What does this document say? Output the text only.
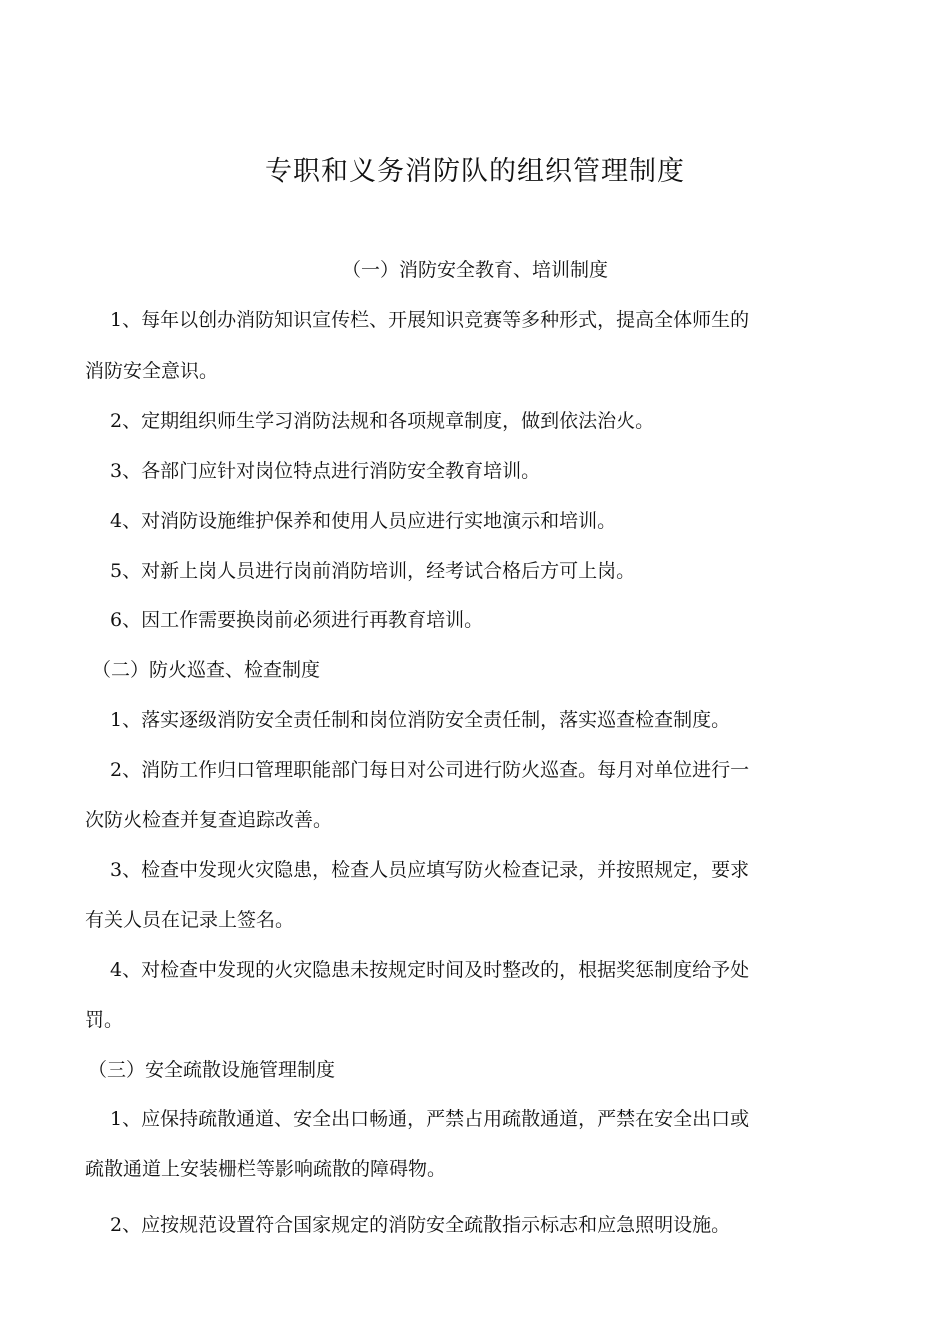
专职和义务消防队的组织管理制度
（一）消防安全教育、培训制度
1、每年以创办消防知识宣传栏、开展知识竞赛等多种形式，提高全体师生的
消防安全意识。
2、定期组织师生学习消防法规和各项规章制度，做到依法治火。
3、各部门应针对岗位特点进行消防安全教育培训。
4、对消防设施维护保养和使用人员应进行实地演示和培训。
5、对新上岗人员进行岗前消防培训，经考试合格后方可上岗。
6、因工作需要换岗前必须进行再教育培训。
（二）防火巡查、检查制度
1、落实逐级消防安全责任制和岗位消防安全责任制，落实巡查检查制度。
2、消防工作归口管理职能部门每日对公司进行防火巡查。每月对单位进行一
次防火检查并复查追踪改善。
3、检查中发现火灾隐患，检查人员应填写防火检查记录，并按照规定，要求
有关人员在记录上签名。
4、对检查中发现的火灾隐患未按规定时间及时整改的，根据奖惩制度给予处
罚。
（三）安全疏散设施管理制度
1、应保持疏散通道、安全出口畅通，严禁占用疏散通道，严禁在安全出口或
疏散通道上安装栅栏等影响疏散的障碍物。
2、应按规范设置符合国家规定的消防安全疏散指示标志和应急照明设施。
